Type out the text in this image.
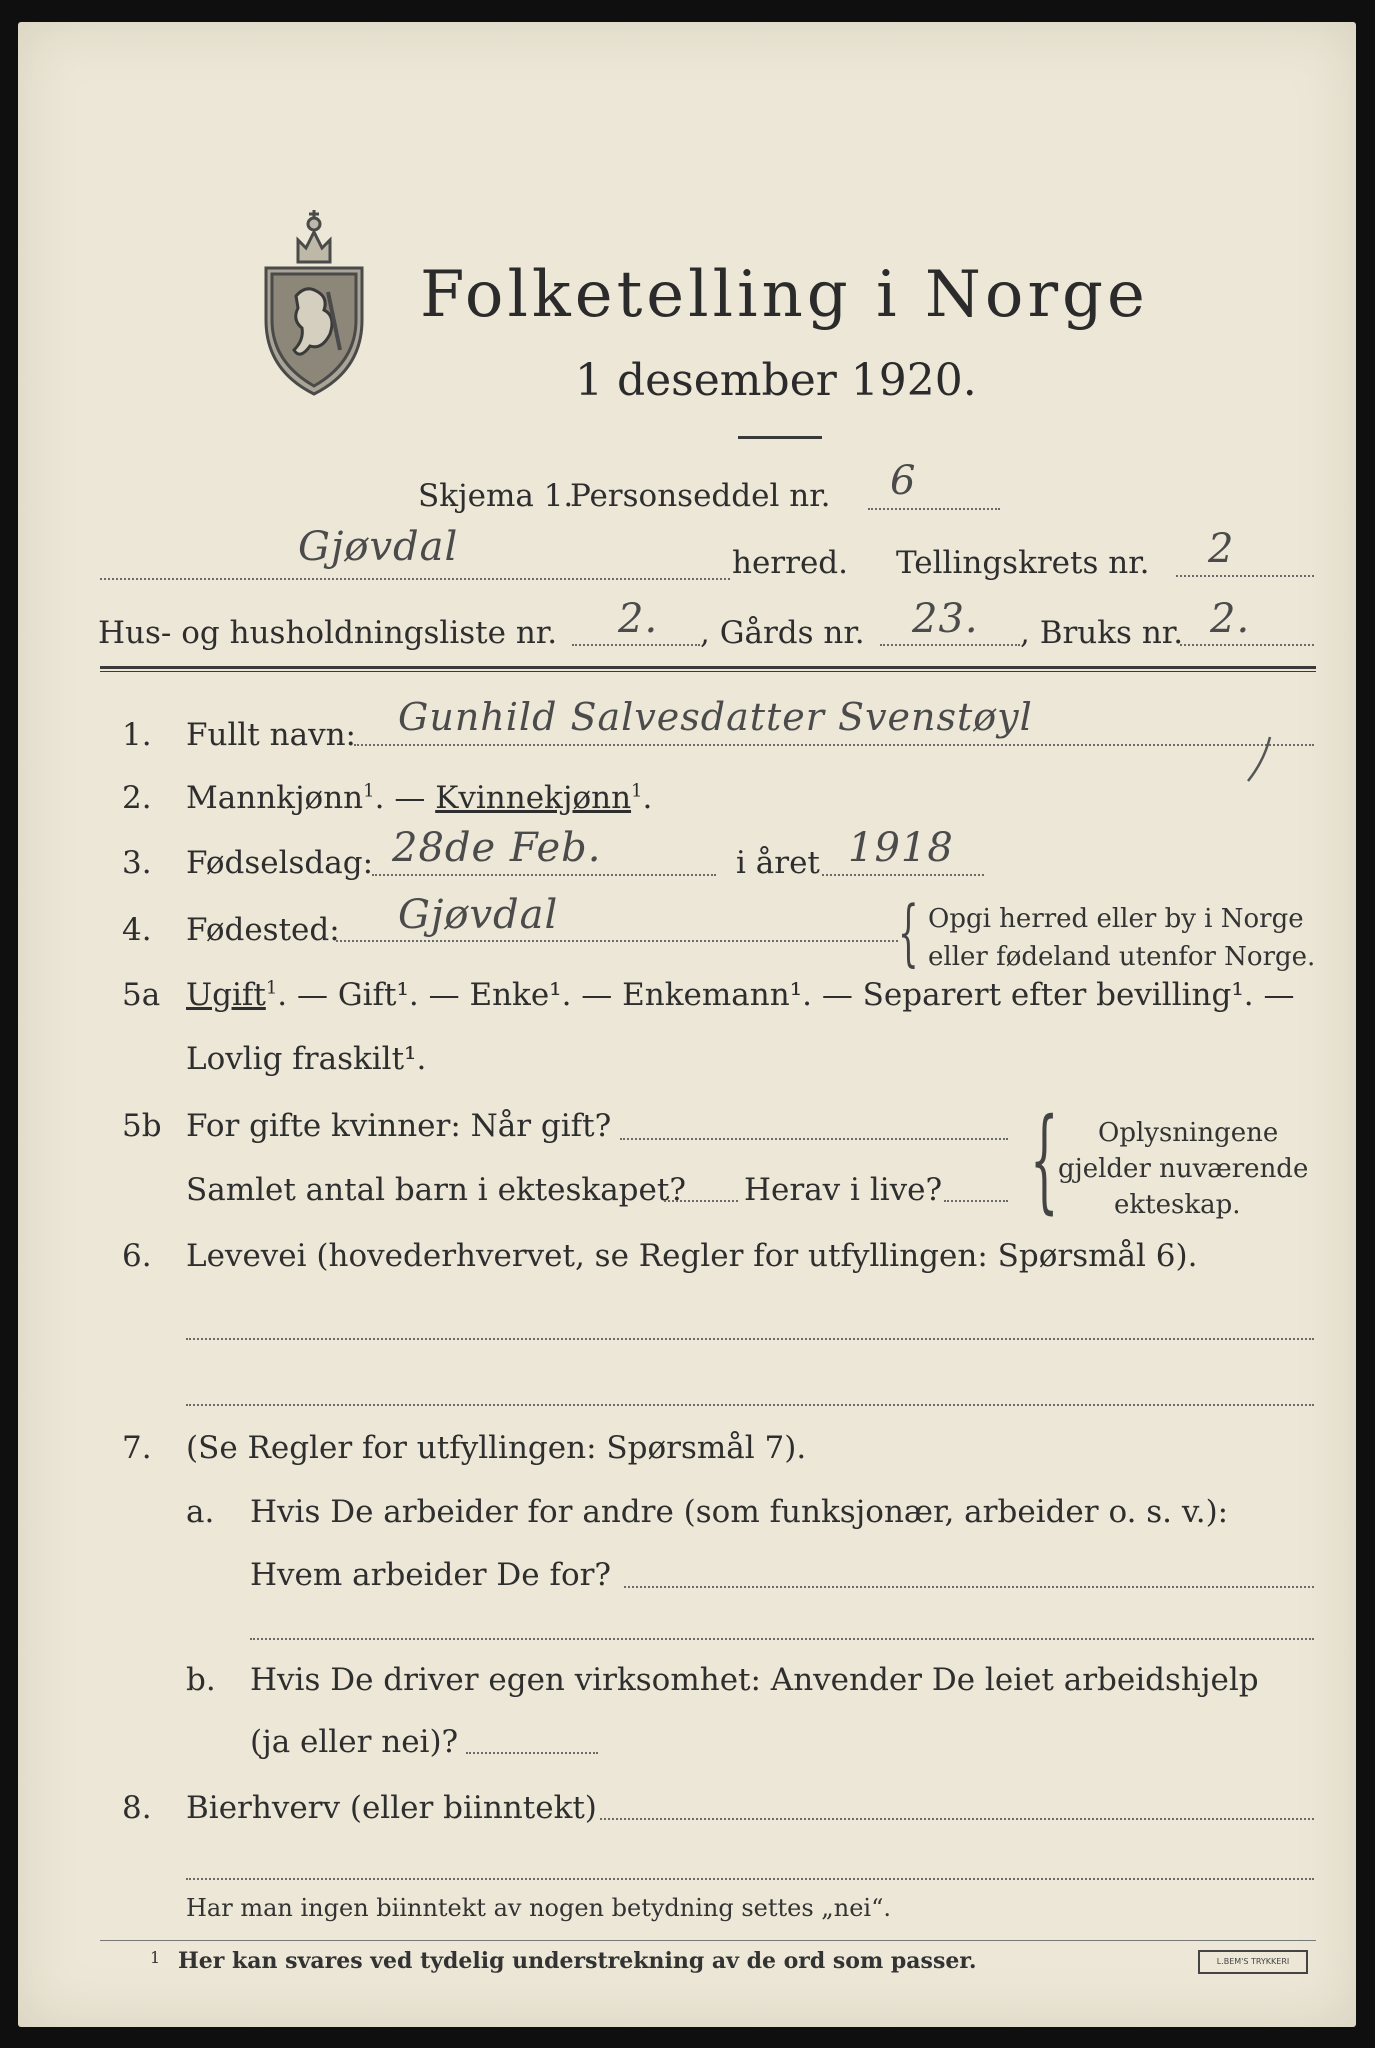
Folketelling i Norge
1 desember 1920.
Skjema 1.
Personseddel nr. 6
Gjøvdal	herred. Tellingskrets nr. 2
Hus- og husholdningsliste nr. 2. , Gårds nr. 23. , Bruks nr. 2.
1. Fullt navn: Gunhild Salvesdatter Svenstøyl
2. Mannkjønn$^1$. — Kvinnekjønn$^1$.
3. Fødselsdag: 28de Feb.	i året 1918
4. Fødested: Gjøvdal	{ Opgi herred eller by i Norge
eller fødeland utenfor Norge.
5a Ugift$^1$. — Gift¹. — Enke¹. — Enkemann¹. — Separert efter bevilling¹. —
Lovlig fraskilt¹.
5b For gifte kvinner: Når gift?
Samlet antal barn i ekteskapet? Herav i live? { Oplysningene
gjelder nuværende
ekteskap.
6. Levevei (hovederhvervet, se Regler for utfyllingen: Spørsmål 6).
7. (Se Regler for utfyllingen: Spørsmål 7).
a. Hvis De arbeider for andre (som funksjonær, arbeider o. s. v.):
Hvem arbeider De for?
b. Hvis De driver egen virksomhet: Anvender De leiet arbeidshjelp
(ja eller nei)?
8. Bierhverv (eller biinntekt)
Har man ingen biinntekt av nogen betydning settes „nei“.
1 Her kan svares ved tydelig understrekning av de ord som passer.	L.BEM'S TRYKKERI
